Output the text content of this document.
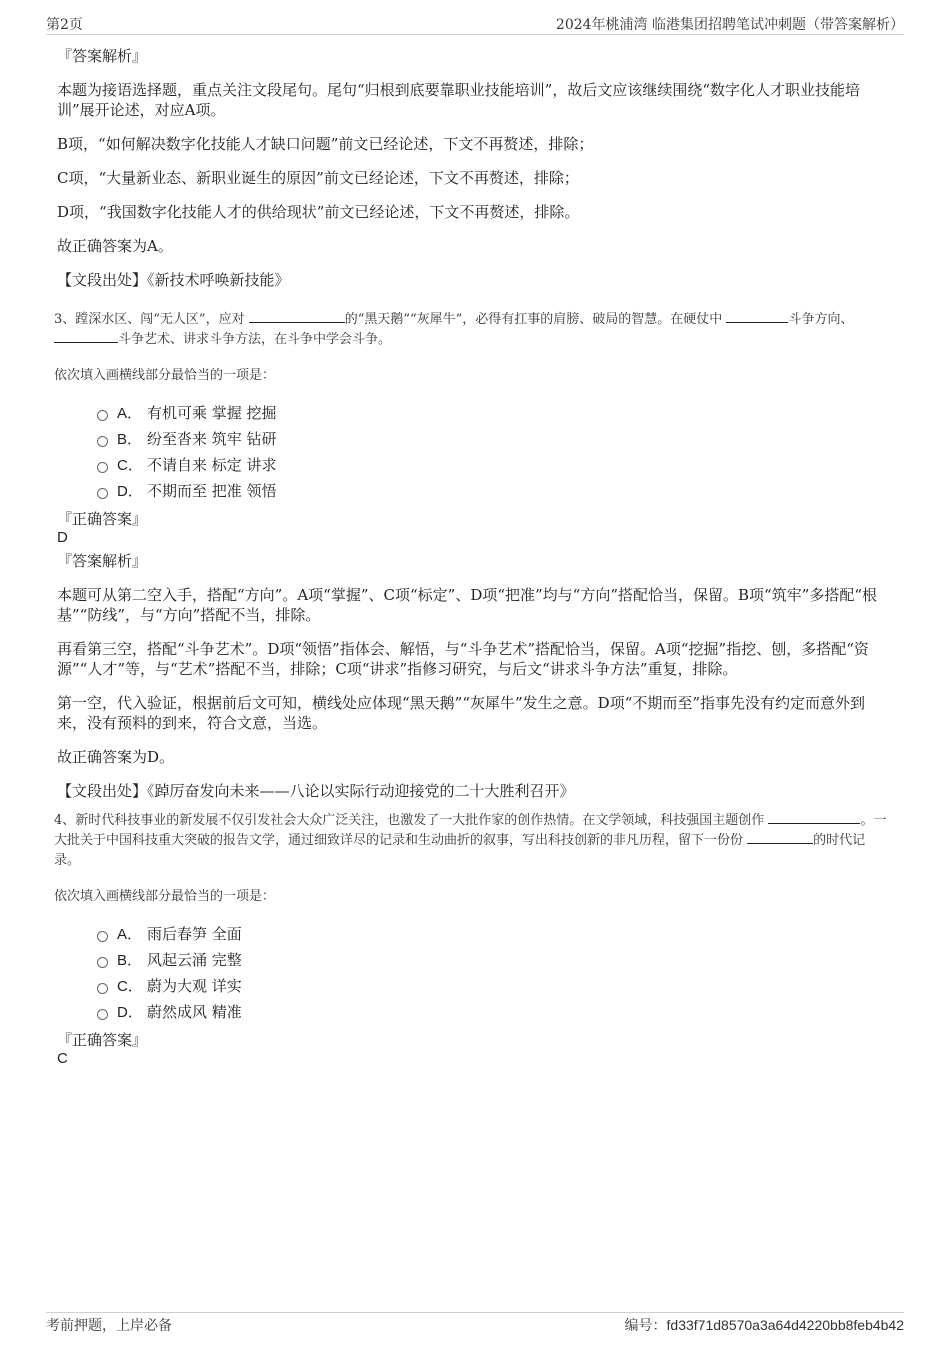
第2页	2024年桃浦湾 临港集团招聘笔试冲刺题（带答案解析）
『答案解析』
本题为接语选择题，重点关注文段尾句。尾句“归根到底要靠职业技能培训”，故后文应该继续围绕“数字化人才职业技能培训”展开论述，对应A项。
B项，“如何解决数字化技能人才缺口问题”前文已经论述，下文不再赘述，排除；
C项，“大量新业态、新职业诞生的原因”前文已经论述，下文不再赘述，排除；
D项，“我国数字化技能人才的供给现状”前文已经论述，下文不再赘述，排除。
故正确答案为A。
【文段出处】《新技术呼唤新技能》
3、蹚深水区、闯“无人区”，应对	的“黑天鹅”“灰犀牛”，必得有扛事的肩膀、破局的智慧。在硬仗中	斗争方向、
斗争艺术、讲求斗争方法，在斗争中学会斗争。
依次填入画横线部分最恰当的一项是：
A． 有机可乘 掌握 挖掘
B． 纷至沓来 筑牢 钻研
C． 不请自来 标定 讲求
D． 不期而至 把准 领悟
『正确答案』
D
『答案解析』
本题可从第二空入手，搭配“方向”。A项“掌握”、C项“标定”、D项“把准”均与“方向”搭配恰当，保留。B项“筑牢”多搭配“根基”“防线”，与“方向”搭配不当，排除。
再看第三空，搭配“斗争艺术”。D项“领悟”指体会、解悟，与“斗争艺术”搭配恰当，保留。A项“挖掘”指挖、刨，多搭配“资源”“人才”等，与“艺术”搭配不当，排除；C项“讲求”指修习研究，与后文“讲求斗争方法”重复，排除。
第一空，代入验证，根据前后文可知，横线处应体现“黑天鹅”“灰犀牛”发生之意。D项“不期而至”指事先没有约定而意外到来，没有预料的到来，符合文意，当选。
故正确答案为D。
【文段出处】《踔厉奋发向未来——八论以实际行动迎接党的二十大胜利召开》
4、新时代科技事业的新发展不仅引发社会大众广泛关注，也激发了一大批作家的创作热情。在文学领域，科技强国主题创作	。一大批关于中国科技重大突破的报告文学，通过细致详尽的记录和生动曲折的叙事，写出科技创新的非凡历程，留下一份份	的时代记录。
依次填入画横线部分最恰当的一项是：
A． 雨后春笋 全面
B． 风起云涌 完整
C． 蔚为大观 详实
D． 蔚然成风 精准
『正确答案』
C
考前押题，上岸必备	编号：fd33f71d8570a3a64d4220bb8feb4b42
